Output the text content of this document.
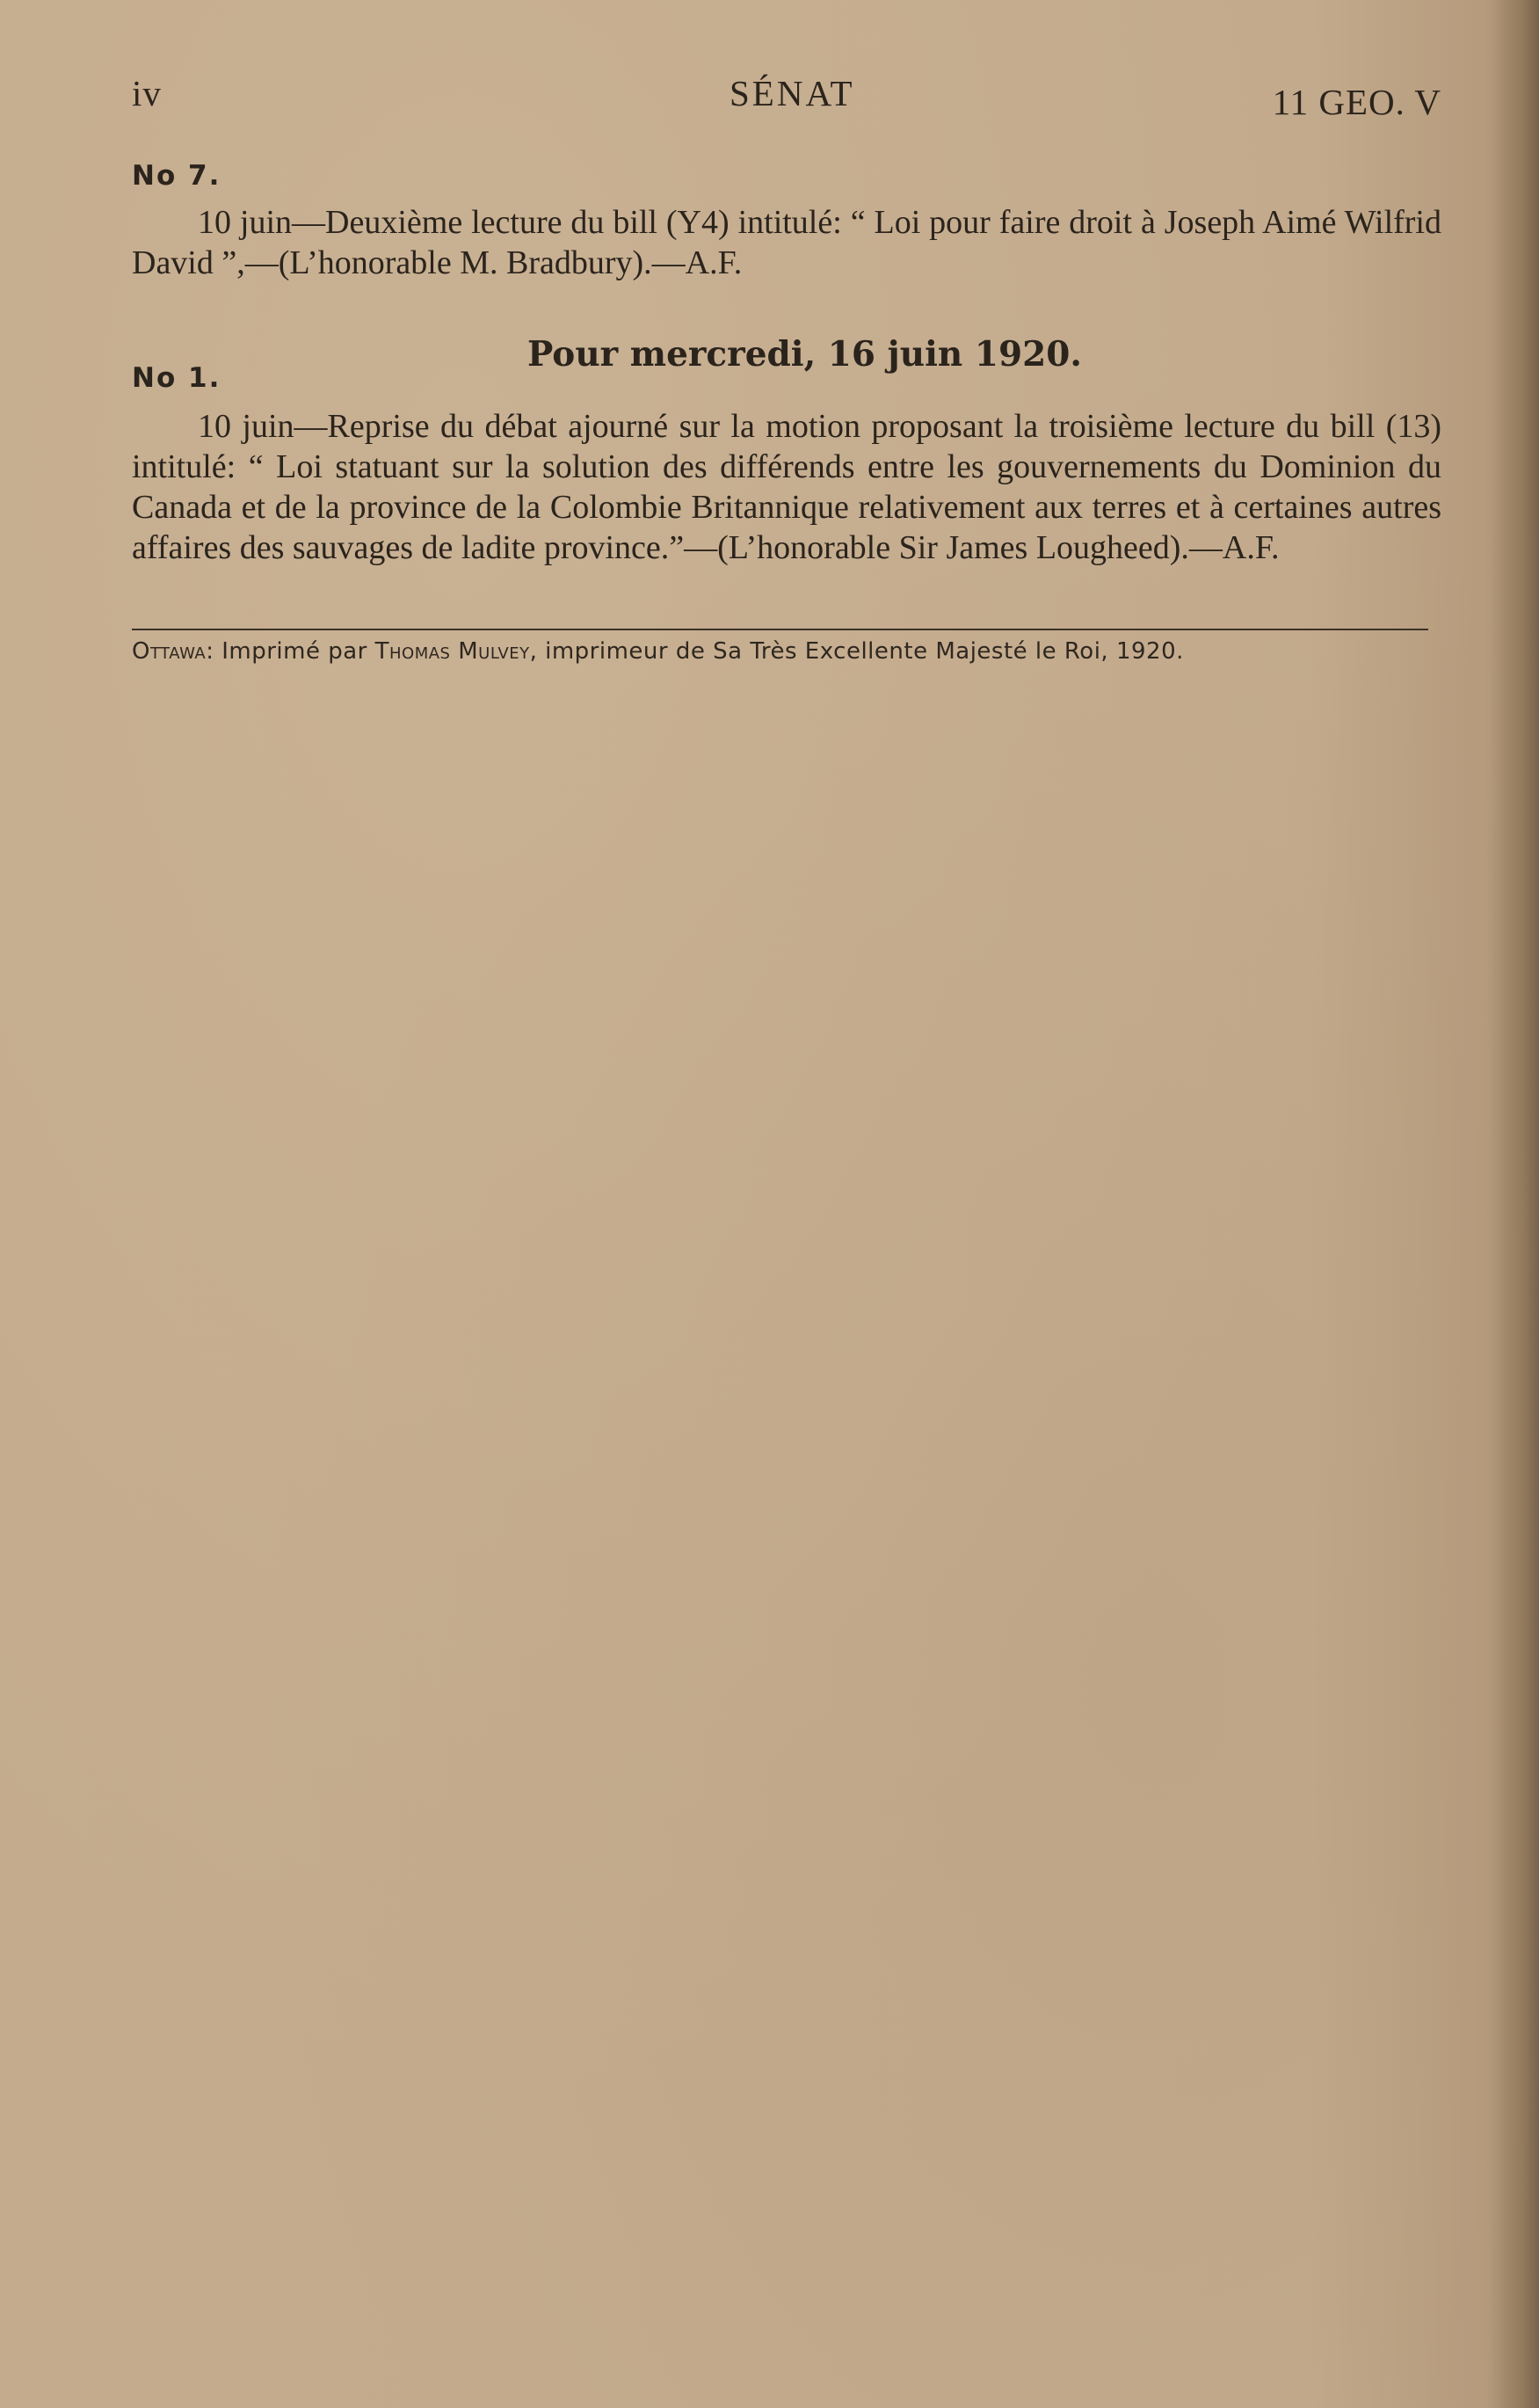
iv	SÉNAT	11 GEO. V
No 7.

10 juin—Deuxième lecture du bill (Y4) intitulé: “ Loi pour faire droit à Joseph Aimé Wilfrid David ”,—(L’honorable M. Bradbury).—A.F.

Pour mercredi, 16 juin 1920.
No 1.

10 juin—Reprise du débat ajourné sur la motion proposant la troisième lecture du bill (13) intitulé: “ Loi statuant sur la solution des différends entre les gouvernements du Dominion du Canada et de la province de la Colombie Britannique relativement aux terres et à certaines autres affaires des sauvages de ladite province.”—(L’honorable Sir James Lougheed).—A.F.

Ottawa: Imprimé par Thomas Mulvey, imprimeur de Sa Très Excellente Majesté le Roi, 1920.
